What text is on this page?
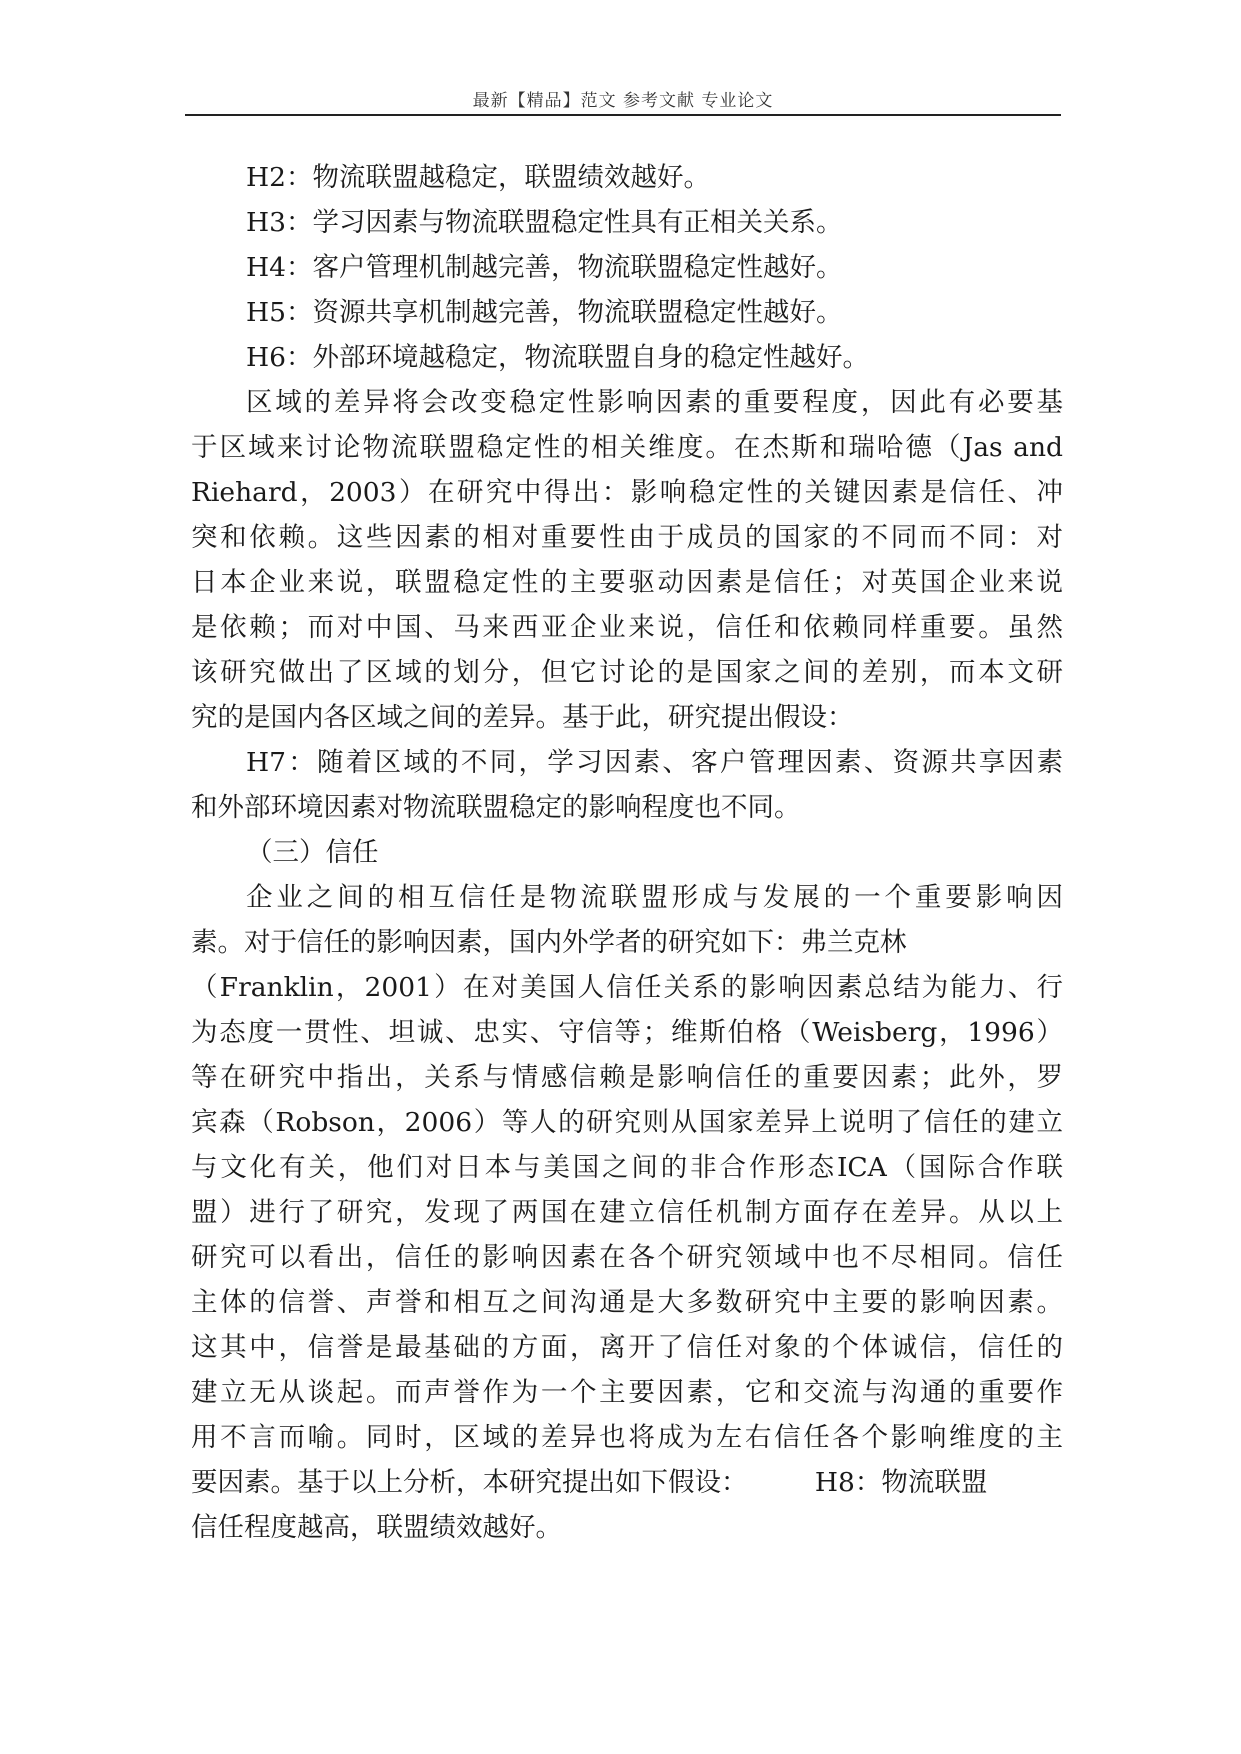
最新【精品】范文 参考文献 专业论文
H2：物流联盟越稳定，联盟绩效越好。
H3：学习因素与物流联盟稳定性具有正相关关系。
H4：客户管理机制越完善，物流联盟稳定性越好。
H5：资源共享机制越完善，物流联盟稳定性越好。
H6：外部环境越稳定，物流联盟自身的稳定性越好。
区域的差异将会改变稳定性影响因素的重要程度，因此有必要基
于区域来讨论物流联盟稳定性的相关维度。在杰斯和瑞哈德（Jas and
Riehard，2003）在研究中得出：影响稳定性的关键因素是信任、冲
突和依赖。这些因素的相对重要性由于成员的国家的不同而不同：对
日本企业来说，联盟稳定性的主要驱动因素是信任；对英国企业来说
是依赖；而对中国、马来西亚企业来说，信任和依赖同样重要。虽然
该研究做出了区域的划分，但它讨论的是国家之间的差别，而本文研
究的是国内各区域之间的差异。基于此，研究提出假设：
H7：随着区域的不同，学习因素、客户管理因素、资源共享因素
和外部环境因素对物流联盟稳定的影响程度也不同。
（三）信任
企业之间的相互信任是物流联盟形成与发展的一个重要影响因
素。对于信任的影响因素，国内外学者的研究如下：弗兰克林
（Franklin，2001）在对美国人信任关系的影响因素总结为能力、行
为态度一贯性、坦诚、忠实、守信等；维斯伯格（Weisberg，1996）
等在研究中指出，关系与情感信赖是影响信任的重要因素；此外，罗
宾森（Robson，2006）等人的研究则从国家差异上说明了信任的建立
与文化有关，他们对日本与美国之间的非合作形态ICA（国际合作联
盟）进行了研究，发现了两国在建立信任机制方面存在差异。从以上
研究可以看出，信任的影响因素在各个研究领域中也不尽相同。信任
主体的信誉、声誉和相互之间沟通是大多数研究中主要的影响因素。
这其中，信誉是最基础的方面，离开了信任对象的个体诚信，信任的
建立无从谈起。而声誉作为一个主要因素，它和交流与沟通的重要作
用不言而喻。同时，区域的差异也将成为左右信任各个影响维度的主
要因素。基于以上分析，本研究提出如下假设：        H8：物流联盟
信任程度越高，联盟绩效越好。
